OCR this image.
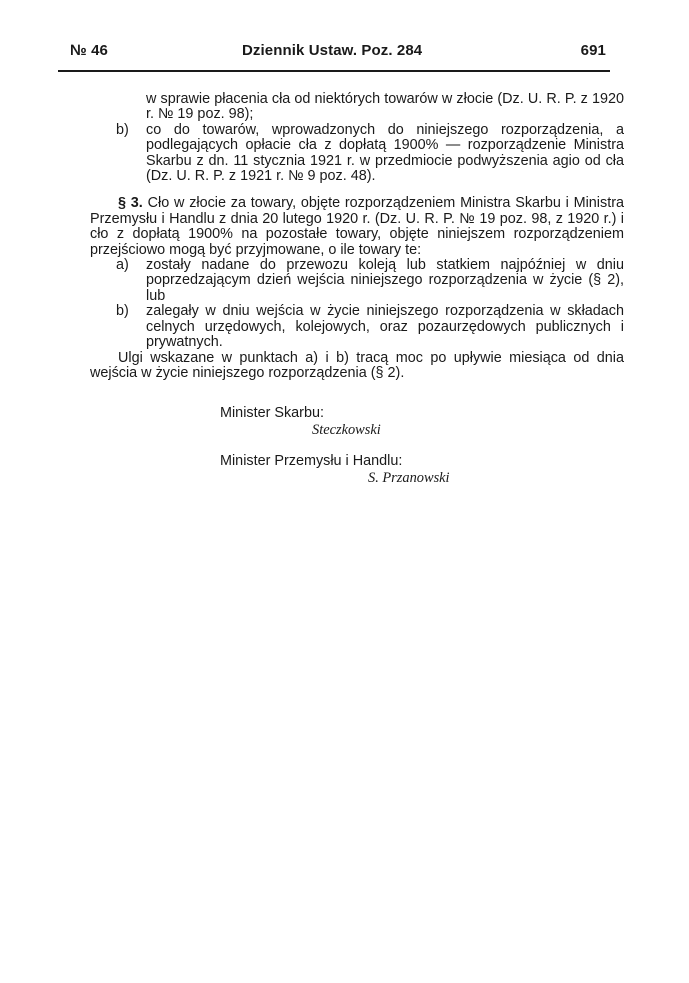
№ 46	Dziennik Ustaw. Poz. 284	691

w sprawie płacenia cła od niektórych towarów w złocie (Dz. U. R. P. z 1920 r. № 19 poz. 98);

b) co do towarów, wprowadzonych do niniejszego rozporządzenia, a podlegających opłacie cła z dopłatą 1900% — rozporządzenie Ministra Skarbu z dn. 11 stycznia 1921 r. w przedmiocie podwyższenia agio od cła (Dz. U. R. P. z 1921 r. № 9 poz. 48).

§ 3. Cło w złocie za towary, objęte rozporządzeniem Ministra Skarbu i Ministra Przemysłu i Handlu z dnia 20 lutego 1920 r. (Dz. U. R. P. № 19 poz. 98, z 1920 r.) i cło z dopłatą 1900% na pozostałe towary, objęte niniejszem rozporządzeniem przejściowo mogą być przyjmowane, o ile towary te:

a) zostały nadane do przewozu koleją lub statkiem najpóźniej w dniu poprzedzającym dzień wejścia niniejszego rozporządzenia w życie (§ 2), lub
b) zalegały w dniu wejścia w życie niniejszego rozporządzenia w składach celnych urzędowych, kolejowych, oraz pozaurzędowych publicznych i prywatnych.

Ulgi wskazane w punktach a) i b) tracą moc po upływie miesiąca od dnia wejścia w życie niniejszego rozporządzenia (§ 2).

Minister Skarbu:

Steczkowski

Minister Przemysłu i Handlu:

S. Przanowski
